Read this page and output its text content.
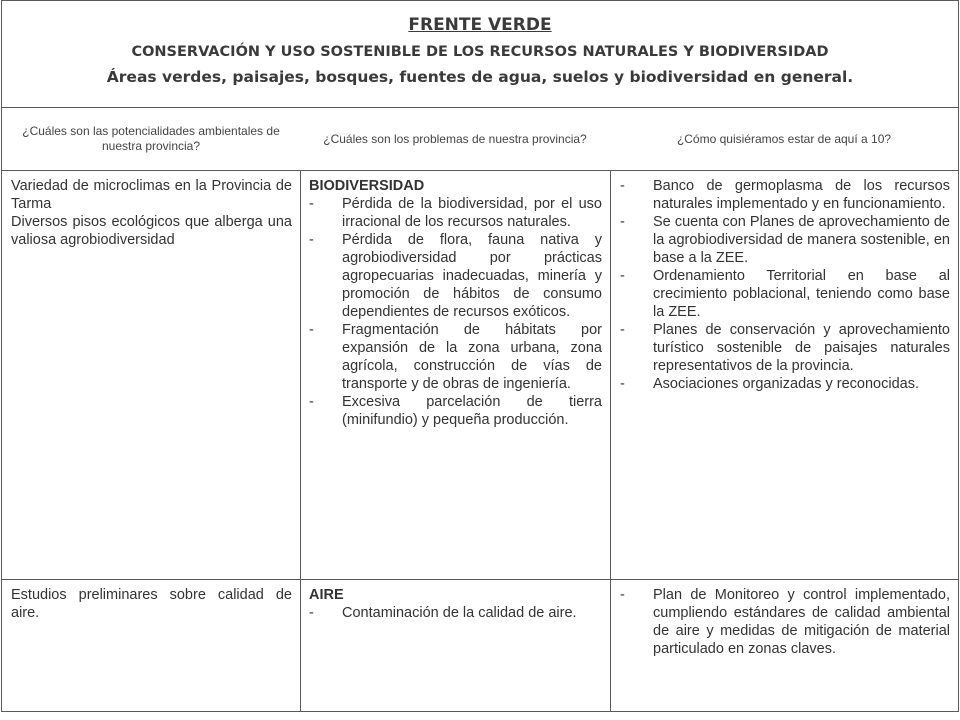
FRENTE VERDE
CONSERVACIÓN Y USO SOSTENIBLE DE LOS RECURSOS NATURALES Y BIODIVERSIDAD
Áreas verdes, paisajes, bosques, fuentes de agua, suelos y biodiversidad en general.
¿Cuáles son las potencialidades ambientales de nuestra provincia?
¿Cuáles son los problemas de nuestra provincia?	¿Cómo quisiéramos estar de aquí a 10?

Variedad de microclimas en la Provincia de Tarma

Diversos pisos ecológicos que alberga una valiosa agrobiodiversidad

BIODIVERSIDAD

- Pérdida de la biodiversidad, por el uso irracional de los recursos naturales.
- Pérdida de flora, fauna nativa y agrobiodiversidad por prácticas agropecuarias inadecuadas, minería y promoción de hábitos de consumo dependientes de recursos exóticos.
- Fragmentación de hábitats por expansión de la zona urbana, zona agrícola, construcción de vías de transporte y de obras de ingeniería.
- Excesiva parcelación de tierra (minifundio) y pequeña producción.
- Banco de germoplasma de los recursos naturales implementado y en funcionamiento.
- Se cuenta con Planes de aprovechamiento de la agrobiodiversidad de manera sostenible, en base a la ZEE.
- Ordenamiento Territorial en base al crecimiento poblacional, teniendo como base la ZEE.
- Planes de conservación y aprovechamiento turístico sostenible de paisajes naturales representativos de la provincia.
- Asociaciones organizadas y reconocidas.

Estudios preliminares sobre calidad de aire.

AIRE

- Contaminación de la calidad de aire.
- Plan de Monitoreo y control implementado, cumpliendo estándares de calidad ambiental de aire y medidas de mitigación de material particulado en zonas claves.
